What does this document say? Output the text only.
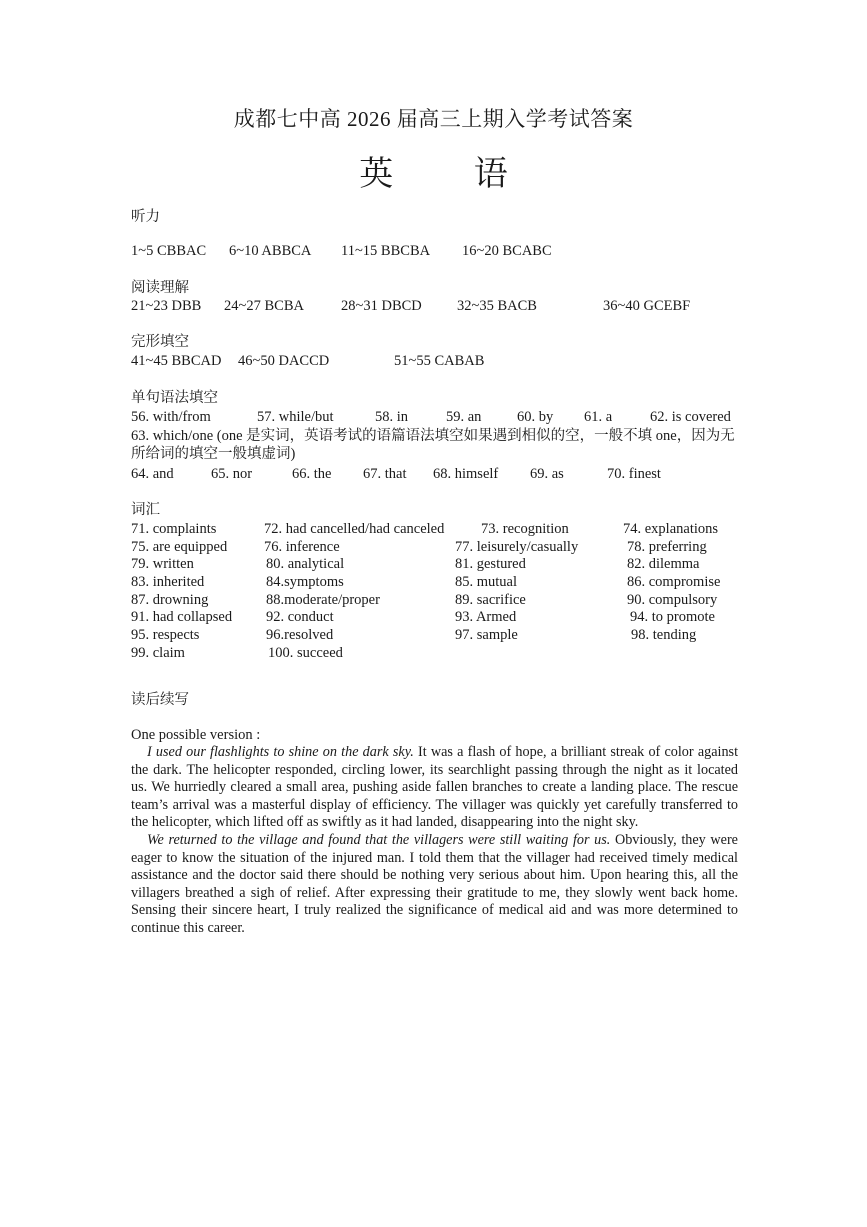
成都七中高 2026 届高三上期入学考试答案
英 语
听力
1~5 CBBAC 6~10 ABBCA 11~15 BBCBA 16~20 BCABC
阅读理解
21~23 DBB 24~27 BCBA	28~31 DBCD 32~35 BACB	36~40 GCEBF
完形填空
41~45 BBCAD 46~50 DACCD	51~55 CABAB
单句语法填空
56. with/from	57. while/but	58. in	59. an 60. by 61. a	62. is covered
63. which/one (one 是实词，英语考试的语篇语法填空如果遇到相似的空，一般不填 one，因为无所给词的填空一般填虚词)
64. and	65. nor	66. the 67. that 68. himself 69. as	70. finest
词汇
71. complaints	72. had cancelled/had canceled	73. recognition	74. explanations
75. are equipped	76. inference	77. leisurely/casually	78. preferring
79. written	80. analytical	81. gestured	82. dilemma
83. inherited	84.symptoms	85. mutual	86. compromise
87. drowning	88.moderate/proper	89. sacrifice	90. compulsory
91. had collapsed 92. conduct	93. Armed	94. to promote
95. respects	96.resolved	97. sample	98. tending
99. claim	100. succeed
读后续写
One possible version :

I used our flashlights to shine on the dark sky. It was a flash of hope, a brilliant streak of color against the dark. The helicopter responded, circling lower, its searchlight passing through the night as it located us. We hurriedly cleared a small area, pushing aside fallen branches to create a landing place. The rescue team’s arrival was a masterful display of efficiency. The villager was quickly yet carefully transferred to the helicopter, which lifted off as swiftly as it had landed, disappearing into the night sky.

We returned to the village and found that the villagers were still waiting for us. Obviously, they were eager to know the situation of the injured man. I told them that the villager had received timely medical assistance and the doctor said there should be nothing very serious about him. Upon hearing this, all the villagers breathed a sigh of relief. After expressing their gratitude to me, they slowly went back home. Sensing their sincere heart, I truly realized the significance of medical aid and was more determined to continue this career.
